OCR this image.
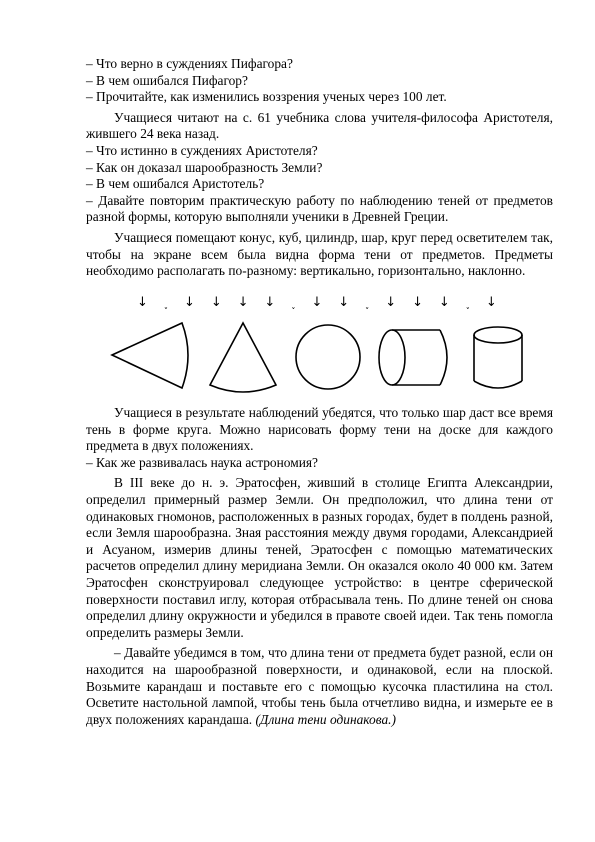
– Что верно в суждениях Пифагора?

– В чем ошибался Пифагор?

– Прочитайте, как изменились воззрения ученых через 100 лет.

Учащиеся читают на с. 61 учебника слова учителя-философа Аристотеля, жившего 24 века назад.

– Что истинно в суждениях Аристотеля?

– Как он доказал шарообразность Земли?

– В чем ошибался Аристотель?

– Давайте повторим практическую работу по наблюдению теней от предметов разной формы, которую выполняли ученики в Древней Греции.

Учащиеся помещают конус, куб, цилиндр, шар, круг перед осветителем так, чтобы на экране всем была видна форма тени от предметов. Предметы необходимо располагать по-разному: вертикально, горизонтально, наклонно.

↓ ˯ ↓ ↓ ↓ ↓ ˯ ↓ ↓ ˯ ↓ ↓ ↓ ˯ ↓

Учащиеся в результате наблюдений убедятся, что только шар даст все время тень в форме круга. Можно нарисовать форму тени на доске для каждого предмета в двух положениях.

– Как же развивалась наука астрономия?

В III веке до н. э. Эратосфен, живший в столице Египта Александрии, определил примерный размер Земли. Он предположил, что длина тени от одинаковых гномонов, расположенных в разных городах, будет в полдень разной, если Земля шарообразна. Зная расстояния между двумя городами, Александрией и Асуаном, измерив длины теней, Эратосфен с помощью математических расчетов определил длину меридиана Земли. Он оказался около 40 000 км. Затем Эратосфен сконструировал следующее устройство: в центре сферической поверхности поставил иглу, которая отбрасывала тень. По длине теней он снова определил длину окружности и убедился в правоте своей идеи. Так тень помогла определить размеры Земли.

– Давайте убедимся в том, что длина тени от предмета будет разной, если он находится на шарообразной поверхности, и одинаковой, если на плоской. Возьмите карандаш и поставьте его с помощью кусочка пластилина на стол. Осветите настольной лампой, чтобы тень была отчетливо видна, и измерьте ее в двух положениях карандаша. (Длина тени одинакова.)
